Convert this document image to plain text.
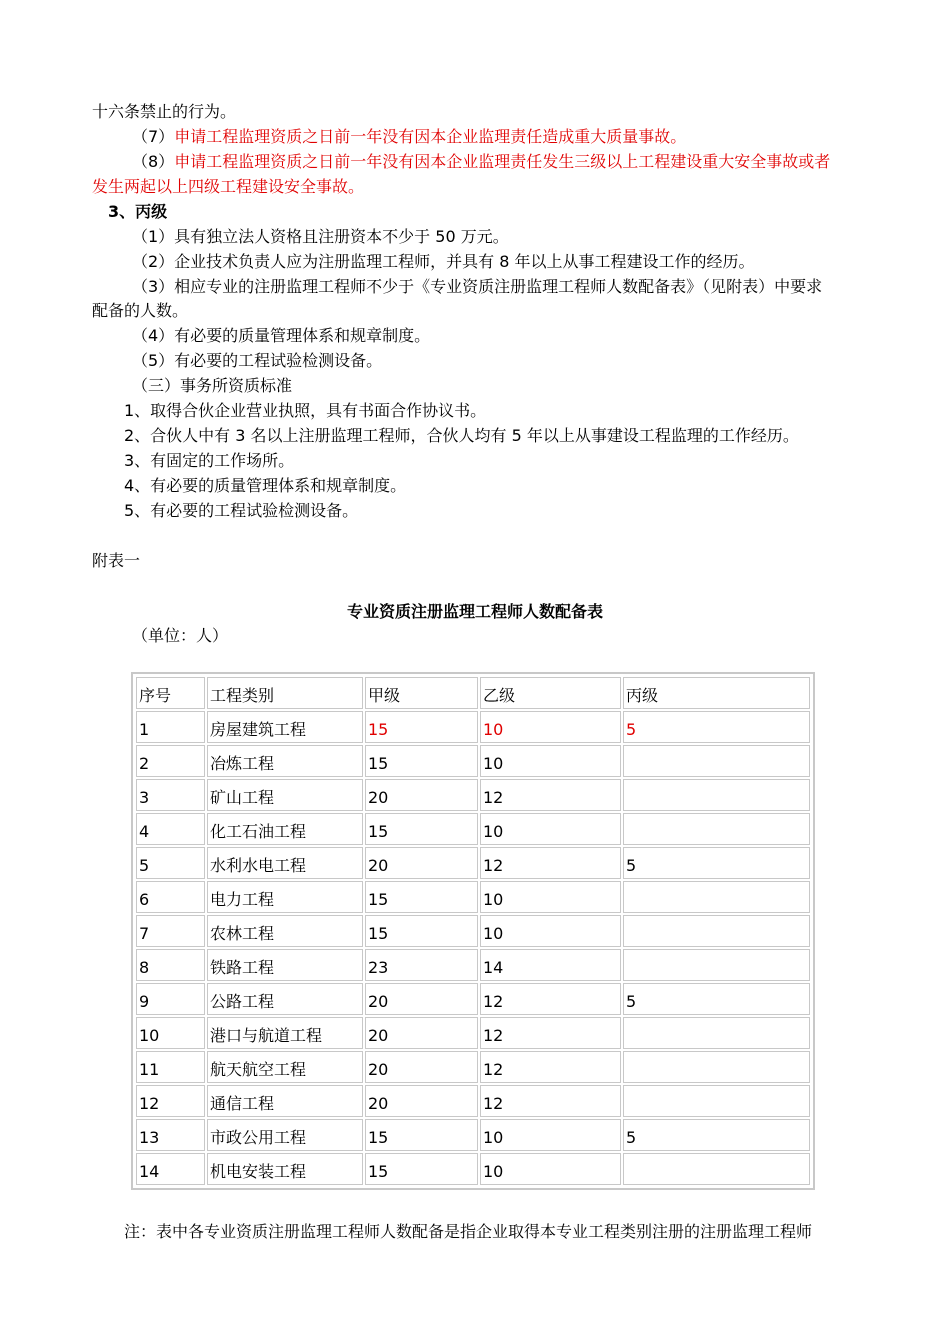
十六条禁止的行为。
（7）申请工程监理资质之日前一年没有因本企业监理责任造成重大质量事故。
（8）申请工程监理资质之日前一年没有因本企业监理责任发生三级以上工程建设重大安全事故或者
发生两起以上四级工程建设安全事故。
3、丙级
（1）具有独立法人资格且注册资本不少于 50 万元。
（2）企业技术负责人应为注册监理工程师，并具有 8 年以上从事工程建设工作的经历。
（3）相应专业的注册监理工程师不少于《专业资质注册监理工程师人数配备表》（见附表）中要求
配备的人数。
（4）有必要的质量管理体系和规章制度。
（5）有必要的工程试验检测设备。
（三）事务所资质标准
1、取得合伙企业营业执照，具有书面合作协议书。
2、合伙人中有 3 名以上注册监理工程师，合伙人均有 5 年以上从事建设工程监理的工作经历。
3、有固定的工作场所。
4、有必要的质量管理体系和规章制度。
5、有必要的工程试验检测设备。
附表一
专业资质注册监理工程师人数配备表
（单位：人）
序号	工程类别	甲级	乙级	丙级
1	房屋建筑工程	15	10	5
2	冶炼工程	15	10	
3	矿山工程	20	12	
4	化工石油工程	15	10	
5	水利水电工程	20	12	5
6	电力工程	15	10	
7	农林工程	15	10	
8	铁路工程	23	14	
9	公路工程	20	12	5
10	港口与航道工程	20	12	
11	航天航空工程	20	12	
12	通信工程	20	12	
13	市政公用工程	15	10	5
14	机电安装工程	15	10	
注：表中各专业资质注册监理工程师人数配备是指企业取得本专业工程类别注册的注册监理工程师
